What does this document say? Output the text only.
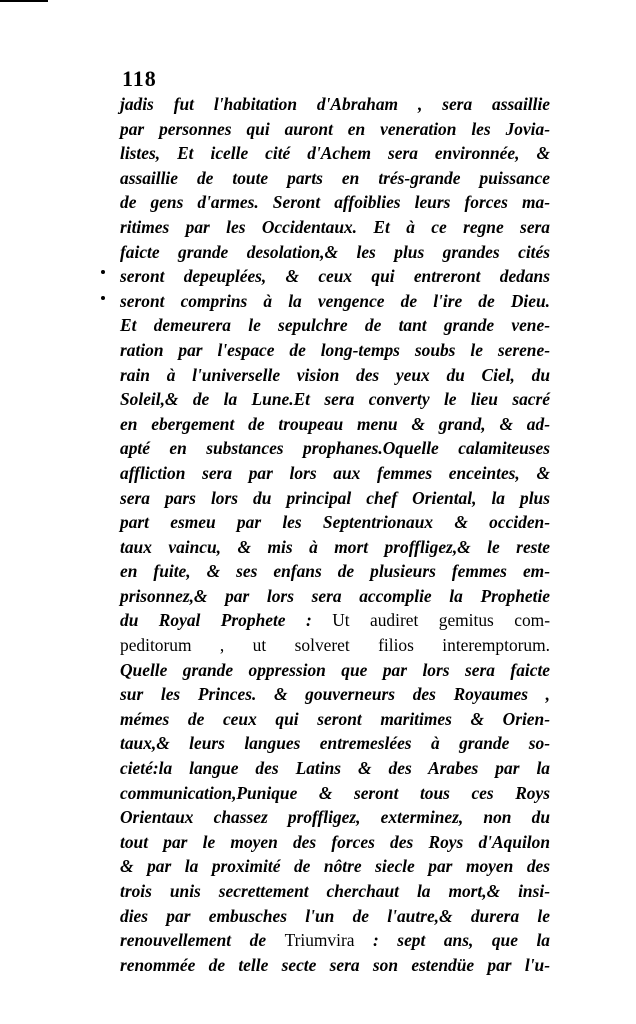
118
jadis fut l'habitation d'Abraham , sera assaillie
par personnes qui auront en veneration les Jovia-
listes, Et icelle cité d'Achem sera environnée, &
assaillie de toute parts en trés-grande puissance
de gens d'armes. Seront affoiblies leurs forces ma-
ritimes par les Occidentaux. Et à ce regne sera
faicte grande desolation,& les plus grandes cités
seront depeuplées, & ceux qui entreront dedans
seront comprins à la vengence de l'ire de Dieu.
Et demeurera le sepulchre de tant grande vene-
ration par l'espace de long-temps soubs le serene-
rain à l'universelle vision des yeux du Ciel, du
Soleil,& de la Lune.Et sera converty le lieu sacré
en ebergement de troupeau menu & grand, & ad-
apté en substances prophanes.Oquelle calamiteuses
affliction sera par lors aux femmes enceintes, &
sera pars lors du principal chef Oriental, la plus
part esmeu par les Septentrionaux & occiden-
taux vaincu, & mis à mort proffligez,& le reste
en fuite, & ses enfans de plusieurs femmes em-
prisonnez,& par lors sera accomplie la Prophetie
du Royal Prophete : Ut audiret gemitus com-
peditorum , ut solveret filios interemptorum.
Quelle grande oppression que par lors sera faicte
sur les Princes. & gouverneurs des Royaumes ,
mémes de ceux qui seront maritimes & Orien-
taux,& leurs langues entremeslées à grande so-
cieté:la langue des Latins & des Arabes par la
communication,Punique & seront tous ces Roys
Orientaux chassez proffligez, exterminez, non du
tout par le moyen des forces des Roys d'Aquilon
& par la proximité de nôtre siecle par moyen des
trois unis secrettement cherchaut la mort,& insi-
dies par embusches l'un de l'autre,& durera le
renouvellement de Triumvira : sept ans, que la
renommée de telle secte sera son estendüe par l'u-
